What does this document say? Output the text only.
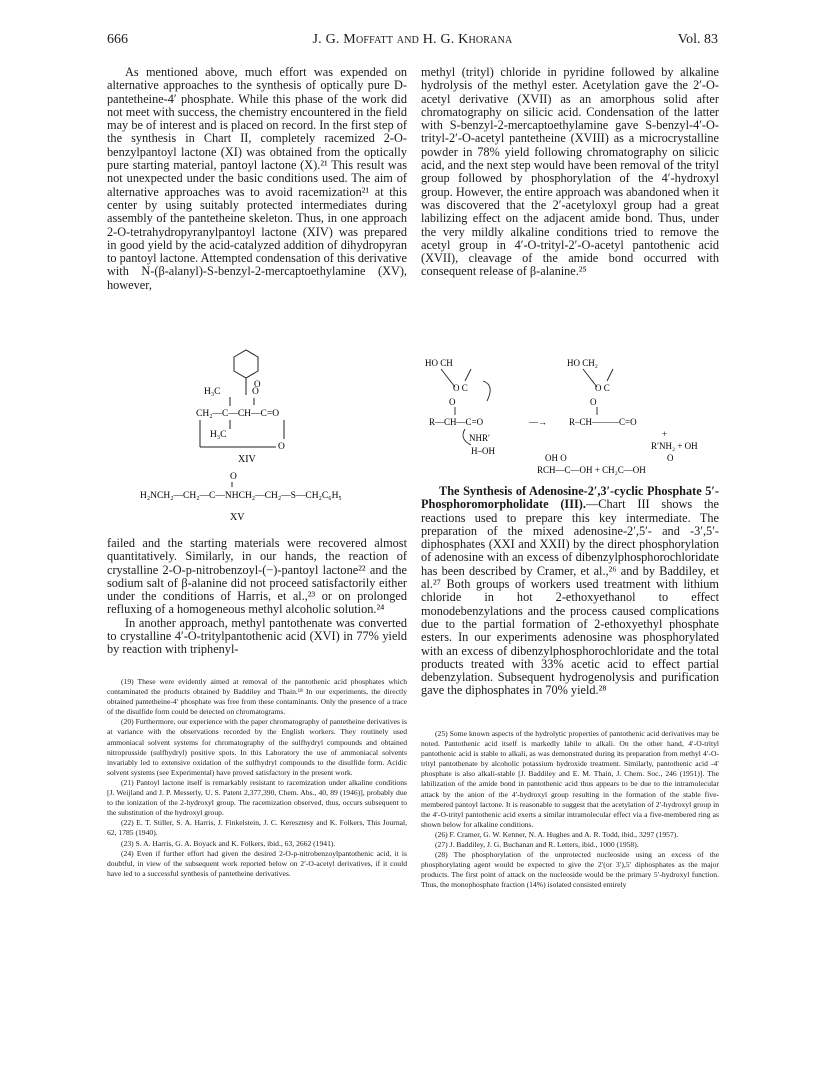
666	J. G. Moffatt and H. G. Khorana	Vol. 83

As mentioned above, much effort was expended on alternative approaches to the synthesis of optically pure D-pantetheine-4′ phosphate. While this phase of the work did not meet with success, the chemistry encountered in the field may be of interest and is placed on record. In the first step of the synthesis in Chart II, completely racemized 2-O-benzylpantoyl lactone (XI) was obtained from the optically pure starting material, pantoyl lactone (X).²¹ This result was not unexpected under the basic conditions used. The aim of alternative approaches was to avoid racemization²¹ at this center by using suitably protected intermediates during assembly of the pantetheine skeleton. Thus, in one approach 2-O-tetrahydropyranylpantoyl lactone (XIV) was prepared in good yield by the acid-catalyzed addition of dihydropyran to pantoyl lactone. Attempted condensation of this derivative with N-(β-alanyl)-S-benzyl-2-mercaptoethylamine (XV), however,

O
H₃C	O
CH₂—C—CH—C=O
H₃C
O
XIV
O
H₂NCH₂—CH₂—C—NHCH₂—CH₂—S—CH₂C₆H₅
XV

failed and the starting materials were recovered almost quantitatively. Similarly, in our hands, the reaction of crystalline 2-O-p-nitrobenzoyl-(−)-pantoyl lactone²² and the sodium salt of β-alanine did not proceed satisfactorily either under the conditions of Harris, et al.,²³ or on prolonged refluxing of a homogeneous methyl alcoholic solution.²⁴

In another approach, methyl pantothenate was converted to crystalline 4′-O-tritylpantothenic acid (XVI) in 77% yield by reaction with triphenyl-

(19) These were evidently aimed at removal of the pantothenic acid phosphates which contaminated the products obtained by Baddiley and Thain.¹⁸ In our experiments, the directly obtained pantetheine-4′ phosphate was free from these contaminants. Only the presence of a trace of the disulfide form could be detected on chromatograms.

(20) Furthermore, our experience with the paper chromatography of pantetheine derivatives is at variance with the observations recorded by the English workers. They routinely used ammoniacal solvent systems for chromatography of the sulfhydryl compounds and obtained nitroprusside (sulfhydryl) positive spots. In this Laboratory the use of ammoniacal solvents invariably led to extensive oxidation of the sulfhydryl compounds to the disulfide form. Acidic solvent systems (see Experimental) have proved satisfactory in the present work.

(21) Pantoyl lactone itself is remarkably resistant to racemization under alkaline conditions [J. Weijland and J. P. Messerly, U. S. Patent 2,377,390, Chem. Abs., 40, 89 (1946)], probably due to the ionization of the 2-hydroxyl group. The racemization observed, thus, occurs subsequent to the substitution of the hydroxyl group.

(22) E. T. Stiller, S. A. Harris, J. Finkelstein, J. C. Keresztesy and K. Folkers, This Journal, 62, 1785 (1940).

(23) S. A. Harris, G. A. Boyack and K. Folkers, ibid., 63, 2662 (1941).

(24) Even if further effort had given the desired 2-O-p-nitrobenzoylpantothenic acid, it is doubtful, in view of the subsequent work reported below on 2′-O-acetyl derivatives, if it could have led to a successful synthesis of pantetheine derivatives.

methyl (trityl) chloride in pyridine followed by alkaline hydrolysis of the methyl ester. Acetylation gave the 2′-O-acetyl derivative (XVII) as an amorphous solid after chromatography on silicic acid. Condensation of the latter with S-benzyl-2-mercaptoethylamine gave S-benzyl-4′-O-trityl-2′-O-acetyl pantetheine (XVIII) as a microcrystalline powder in 78% yield following chromatography on silicic acid, and the next step would have been removal of the trityl group followed by phosphorylation of the 4′-hydroxyl group. However, the entire approach was abandoned when it was discovered that the 2′-acetyloxyl group had a great labilizing effect on the adjacent amide bond. Thus, under the very mildly alkaline conditions tried to remove the acetyl group in 4′-O-trityl-2′-O-acetyl pantothenic acid (XVII), cleavage of the amide bond occurred with consequent release of β-alanine.²⁵

HO CH
O C
O
R—CH—C=O
NHR′
H–OH
—→
HO CH₂
O C
O
R–CH———C=O
+
R′NH₂ + OH
OH O	O
RCH—C—OH + CH₂C—OH

The Synthesis of Adenosine-2′,3′-cyclic Phosphate 5′-Phosphoromorpholidate (III).—Chart III shows the reactions used to prepare this key intermediate. The preparation of the mixed adenosine-2′,5′- and -3′,5′-diphosphates (XXI and XXII) by the direct phosphorylation of adenosine with an excess of dibenzylphosphorochloridate has been described by Cramer, et al.,²⁶ and by Baddiley, et al.²⁷ Both groups of workers used treatment with lithium chloride in hot 2-ethoxyethanol to effect monodebenzylations and the process caused complications due to the partial formation of 2-ethoxyethyl phosphate esters. In our experiments adenosine was phosphorylated with an excess of dibenzylphosphorochloridate and the total products treated with 33% acetic acid to effect partial debenzylation. Subsequent hydrogenolysis and purification gave the diphosphates in 70% yield.²⁸

(25) Some known aspects of the hydrolytic properties of pantothenic acid derivatives may be noted. Pantothenic acid itself is markedly labile to alkali. On the other hand, 4′-O-trityl pantothenic acid is stable to alkali, as was demonstrated during its preparation from methyl 4′-O-trityl pantothenate by alcoholic potassium hydroxide treatment. Similarly, pantothenic acid -4′ phosphate is also alkali-stable [J. Baddiley and E. M. Thain, J. Chem. Soc., 246 (1951)]. The labilization of the amide bond in pantothenic acid thus appears to be due to the intramolecular attack by the anion of the 4′-hydroxyl group resulting in the formation of the stable five-membered pantoyl lactone. It is reasonable to suggest that the acetylation of 2′-hydroxyl group in the 4′-O-trityl pantothenic acid exerts a similar intramolecular effect via a five-membered ring as shown below for alkaline conditions.

(26) F. Cramer, G. W. Kenner, N. A. Hughes and A. R. Todd, ibid., 3297 (1957).

(27) J. Baddiley, J. G. Buchanan and R. Letters, ibid., 1000 (1958).

(28) The phosphorylation of the unprotected nucleoside using an excess of the phosphorylating agent would be expected to give the 2′(or 3′),5′ diphosphates as the major products. The first point of attack on the nucleoside would be the primary 5′-hydroxyl function. Thus, the monophosphate fraction (14%) isolated consisted entirely
